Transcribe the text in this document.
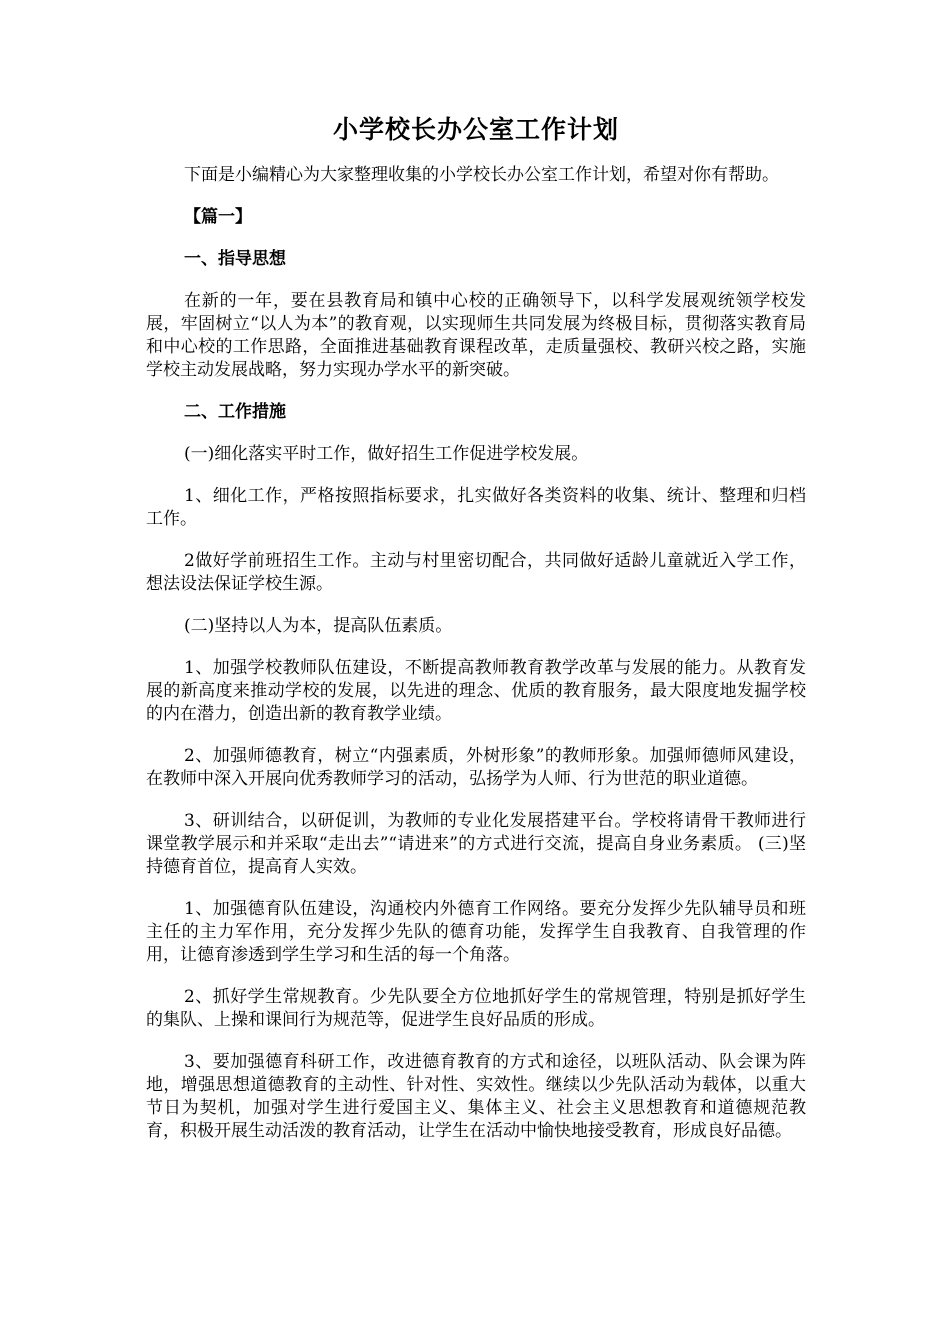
小学校长办公室工作计划

下面是小编精心为大家整理收集的小学校长办公室工作计划，希望对你有帮助。

【篇一】

一、指导思想

在新的一年，要在县教育局和镇中心校的正确领导下，以科学发展观统领学校发展，牢固树立“以人为本”的教育观，以实现师生共同发展为终极目标，贯彻落实教育局和中心校的工作思路，全面推进基础教育课程改革，走质量强校、教研兴校之路，实施学校主动发展战略，努力实现办学水平的新突破。

二、工作措施

(一)细化落实平时工作，做好招生工作促进学校发展。

1、细化工作，严格按照指标要求，扎实做好各类资料的收集、统计、整理和归档工作。

2做好学前班招生工作。主动与村里密切配合，共同做好适龄儿童就近入学工作，想法设法保证学校生源。

(二)坚持以人为本，提高队伍素质。

1、加强学校教师队伍建设，不断提高教师教育教学改革与发展的能力。从教育发展的新高度来推动学校的发展，以先进的理念、优质的教育服务，最大限度地发掘学校的内在潜力，创造出新的教育教学业绩。

2、加强师德教育，树立“内强素质，外树形象”的教师形象。加强师德师风建设，在教师中深入开展向优秀教师学习的活动，弘扬学为人师、行为世范的职业道德。

3、研训结合，以研促训，为教师的专业化发展搭建平台。学校将请骨干教师进行课堂教学展示和并采取“走出去”“请进来”的方式进行交流，提高自身业务素质。 (三)坚持德育首位，提高育人实效。

1、加强德育队伍建设，沟通校内外德育工作网络。要充分发挥少先队辅导员和班主任的主力军作用，充分发挥少先队的德育功能，发挥学生自我教育、自我管理的作用，让德育渗透到学生学习和生活的每一个角落。

2、抓好学生常规教育。少先队要全方位地抓好学生的常规管理，特别是抓好学生的集队、上操和课间行为规范等，促进学生良好品质的形成。

3、要加强德育科研工作，改进德育教育的方式和途径，以班队活动、队会课为阵地，增强思想道德教育的主动性、针对性、实效性。继续以少先队活动为载体，以重大节日为契机，加强对学生进行爱国主义、集体主义、社会主义思想教育和道德规范教育，积极开展生动活泼的教育活动，让学生在活动中愉快地接受教育，形成良好品德。
